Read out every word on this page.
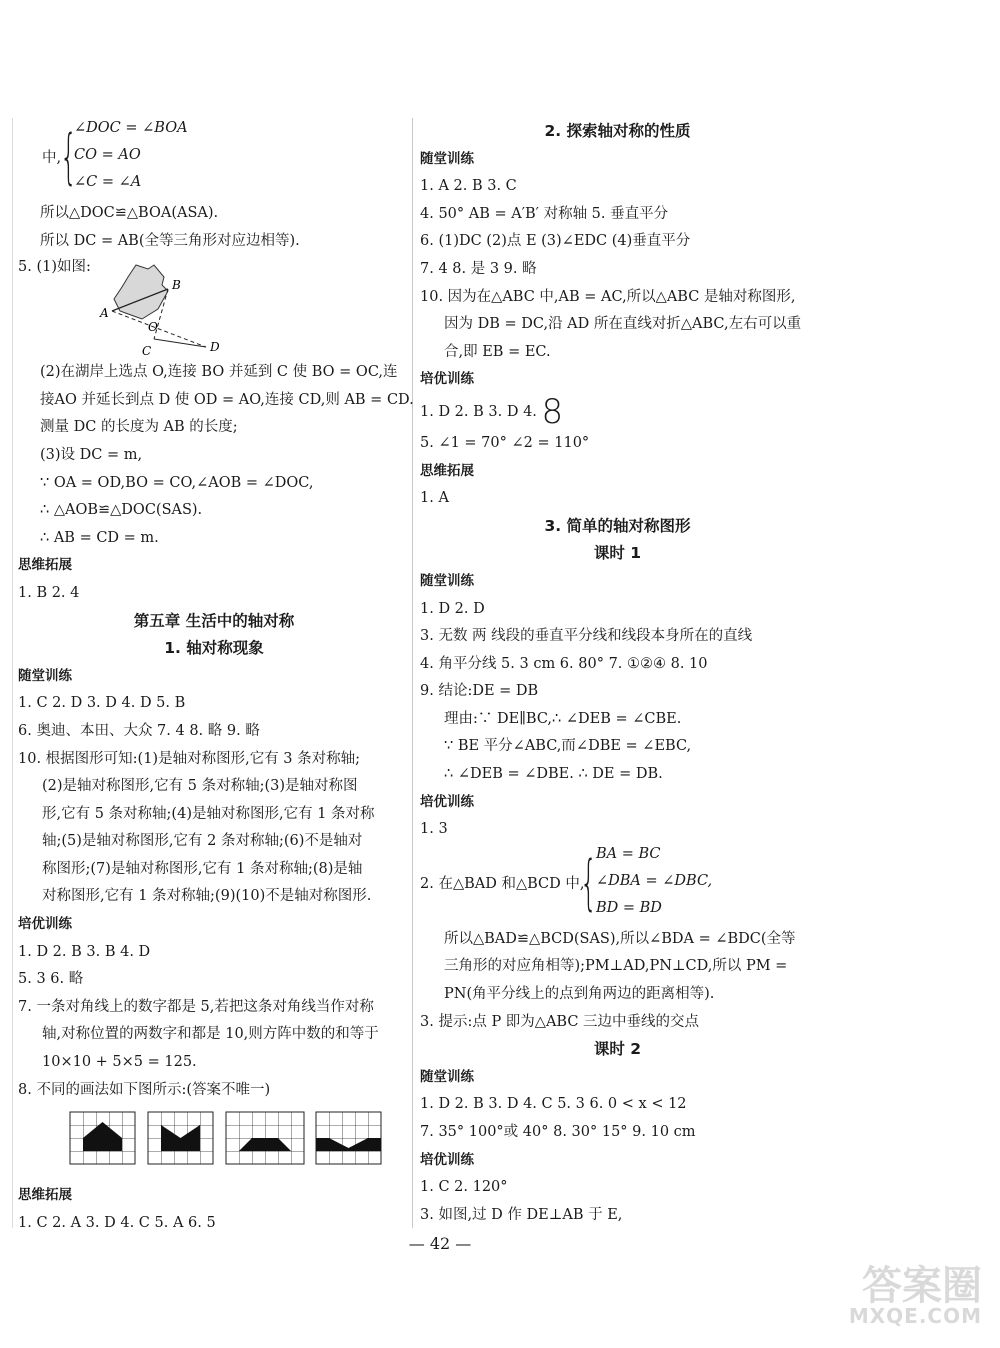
中,
{
∠DOC = ∠BOA
CO = AO
∠C = ∠A
所以△DOC≌△BOA(ASA).
所以 DC = AB(全等三角形对应边相等).
5. (1)如图:
A
B
O
C	D
(2)在湖岸上选点 O,连接 BO 并延到 C 使 BO = OC,连
接AO 并延长到点 D 使 OD = AO,连接 CD,则 AB = CD.
测量 DC 的长度为 AB 的长度;
(3)设 DC = m,
∵ OA = OD,BO = CO,∠AOB = ∠DOC,
∴ △AOB≌△DOC(SAS).
∴ AB = CD = m.
思维拓展
1. B 2. 4
第五章 生活中的轴对称
1. 轴对称现象
随堂训练
1. C 2. D 3. D 4. D 5. B
6. 奥迪、本田、大众 7. 4 8. 略 9. 略
10. 根据图形可知:(1)是轴对称图形,它有 3 条对称轴;
(2)是轴对称图形,它有 5 条对称轴;(3)是轴对称图
形,它有 5 条对称轴;(4)是轴对称图形,它有 1 条对称
轴;(5)是轴对称图形,它有 2 条对称轴;(6)不是轴对
称图形;(7)是轴对称图形,它有 1 条对称轴;(8)是轴
对称图形,它有 1 条对称轴;(9)(10)不是轴对称图形.
培优训练
1. D 2. B 3. B 4. D
5. 3 6. 略
7. 一条对角线上的数字都是 5,若把这条对角线当作对称
轴,对称位置的两数字和都是 10,则方阵中数的和等于
10×10 + 5×5 = 125.
8. 不同的画法如下图所示:(答案不唯一)
思维拓展
1. C 2. A 3. D 4. C 5. A 6. 5
2. 探索轴对称的性质
随堂训练
1. A 2. B 3. C
4. 50° AB = A′B′ 对称轴 5. 垂直平分
6. (1)DC (2)点 E (3)∠EDC (4)垂直平分
7. 4 8. 是 3 9. 略
10. 因为在△ABC 中,AB = AC,所以△ABC 是轴对称图形,
因为 DB = DC,沿 AD 所在直线对折△ABC,左右可以重
合,即 EB = EC.
培优训练
1. D 2. B 3. D 4. 8
5. ∠1 = 70° ∠2 = 110°
思维拓展
1. A
3. 简单的轴对称图形
课时 1
随堂训练
1. D 2. D
3. 无数 两 线段的垂直平分线和线段本身所在的直线
4. 角平分线 5. 3 cm 6. 80° 7. ①②④ 8. 10
9. 结论:DE = DB
理由:∵ DE∥BC,∴ ∠DEB = ∠CBE.
∵ BE 平分∠ABC,而∠DBE = ∠EBC,
∴ ∠DEB = ∠DBE. ∴ DE = DB.
培优训练
1. 3
2. 在△BAD 和△BCD 中,
{
BA = BC
∠DBA = ∠DBC,
BD = BD
所以△BAD≌△BCD(SAS),所以∠BDA = ∠BDC(全等
三角形的对应角相等);PM⊥AD,PN⊥CD,所以 PM =
PN(角平分线上的点到角两边的距离相等).
3. 提示:点 P 即为△ABC 三边中垂线的交点
课时 2
随堂训练
1. D 2. B 3. D 4. C 5. 3 6. 0 < x < 12
7. 35° 100°或 40° 8. 30° 15° 9. 10 cm
培优训练
1. C 2. 120°
3. 如图,过 D 作 DE⊥AB 于 E,
— 42 —
答案圈
MXQE.COM
